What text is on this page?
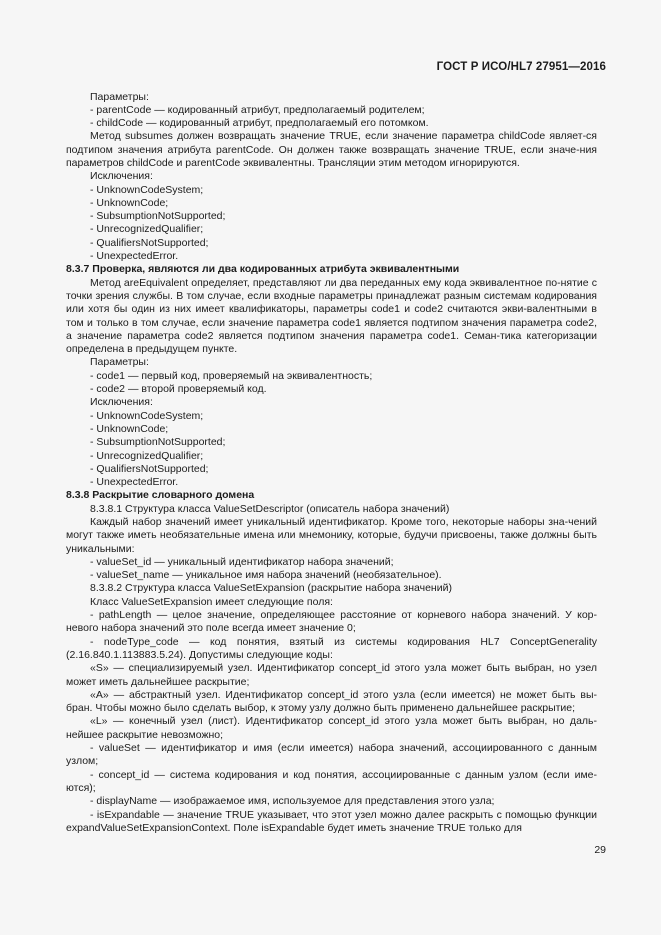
ГОСТ Р ИСО/HL7 27951—2016

Параметры:

- parentCode — кодированный атрибут, предполагаемый родителем;

- childCode — кодированный атрибут, предполагаемый его потомком.

Метод subsumes должен возвращать значение TRUE, если значение параметра childCode являет-ся подтипом значения атрибута parentCode. Он должен также возвращать значение TRUE, если значе-ния параметров childCode и parentCode эквивалентны. Трансляции этим методом игнорируются.

Исключения:

- UnknownCodeSystem;

- UnknownCode;

- SubsumptionNotSupported;

- UnrecognizedQualifier;

- QualifiersNotSupported;

- UnexpectedError.

8.3.7 Проверка, являются ли два кодированных атрибута эквивалентными

Метод areEquivalent определяет, представляют ли два переданных ему кода эквивалентное по-нятие с точки зрения службы. В том случае, если входные параметры принадлежат разным системам кодирования или хотя бы один из них имеет квалификаторы, параметры code1 и code2 считаются экви-валентными в том и только в том случае, если значение параметра code1 является подтипом значения параметра code2, а значение параметра code2 является подтипом значения параметра code1. Семан-тика категоризации определена в предыдущем пункте.

Параметры:

- code1 — первый код, проверяемый на эквивалентность;

- code2 — второй проверяемый код.

Исключения:

- UnknownCodeSystem;

- UnknownCode;

- SubsumptionNotSupported;

- UnrecognizedQualifier;

- QualifiersNotSupported;

- UnexpectedError.

8.3.8 Раскрытие словарного домена

8.3.8.1 Структура класса ValueSetDescriptor (описатель набора значений)

Каждый набор значений имеет уникальный идентификатор. Кроме того, некоторые наборы зна-чений могут также иметь необязательные имена или мнемонику, которые, будучи присвоены, также должны быть уникальными:

- valueSet_id — уникальный идентификатор набора значений;

- valueSet_name — уникальное имя набора значений (необязательное).

8.3.8.2 Структура класса ValueSetExpansion (раскрытие набора значений)

Класс ValueSetExpansion имеет следующие поля:

- pathLength — целое значение, определяющее расстояние от корневого набора значений. У кор-невого набора значений это поле всегда имеет значение 0;

- nodeType_code — код понятия, взятый из системы кодирования HL7 ConceptGenerality (2.16.840.1.113883.5.24). Допустимы следующие коды:

«S» — специализируемый узел. Идентификатор concept_id этого узла может быть выбран, но узел может иметь дальнейшее раскрытие;

«A» — абстрактный узел. Идентификатор concept_id этого узла (если имеется) не может быть вы-бран. Чтобы можно было сделать выбор, к этому узлу должно быть применено дальнейшее раскрытие;

«L» — конечный узел (лист). Идентификатор concept_id этого узла может быть выбран, но даль-нейшее раскрытие невозможно;

- valueSet — идентификатор и имя (если имеется) набора значений, ассоциированного с данным узлом;

- concept_id — система кодирования и код понятия, ассоциированные с данным узлом (если име-ются);

- displayName — изображаемое имя, используемое для представления этого узла;

- isExpandable — значение TRUE указывает, что этот узел можно далее раскрыть с помощью функции expandValueSetExpansionContext. Поле isExpandable будет иметь значение TRUE только для

29
